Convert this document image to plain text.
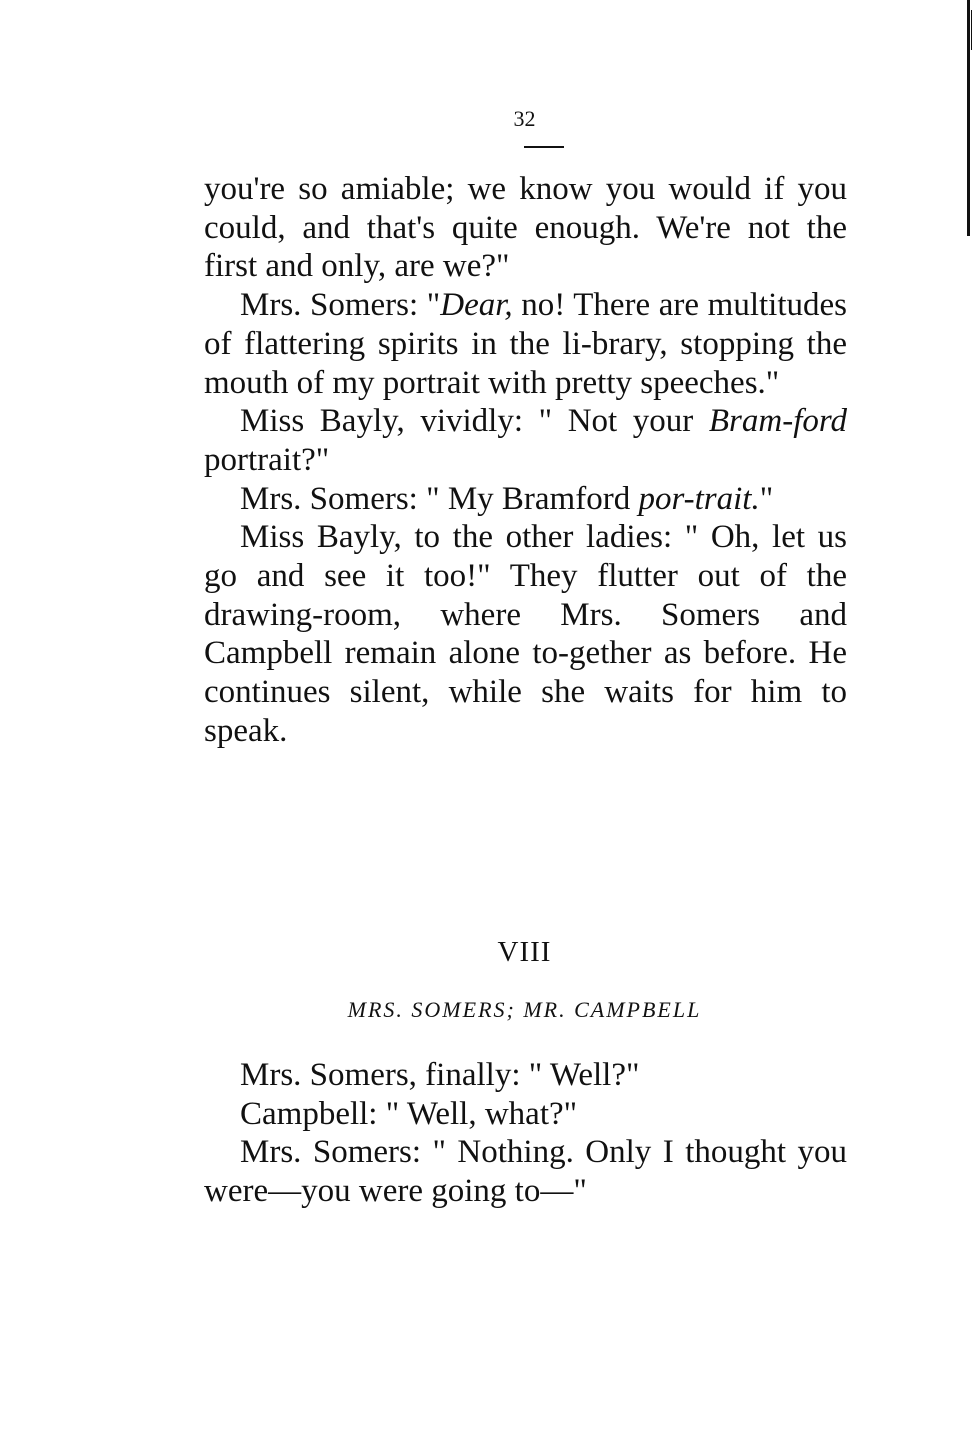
32

you're so amiable; we know you would if you could, and that's quite enough. We're not the first and only, are we?"

Mrs. Somers: "Dear, no! There are multitudes of flattering spirits in the li-brary, stopping the mouth of my portrait with pretty speeches."

Miss Bayly, vividly: " Not your Bram-ford portrait?"

Mrs. Somers: " My Bramford por-trait."

Miss Bayly, to the other ladies: " Oh, let us go and see it too!" They flutter out of the drawing-room, where Mrs. Somers and Campbell remain alone to-gether as before. He continues silent, while she waits for him to speak.

VIII
MRS. SOMERS; MR. CAMPBELL

Mrs. Somers, finally: " Well?"

Campbell: " Well, what?"

Mrs. Somers: " Nothing. Only I thought you were—you were going to—"
